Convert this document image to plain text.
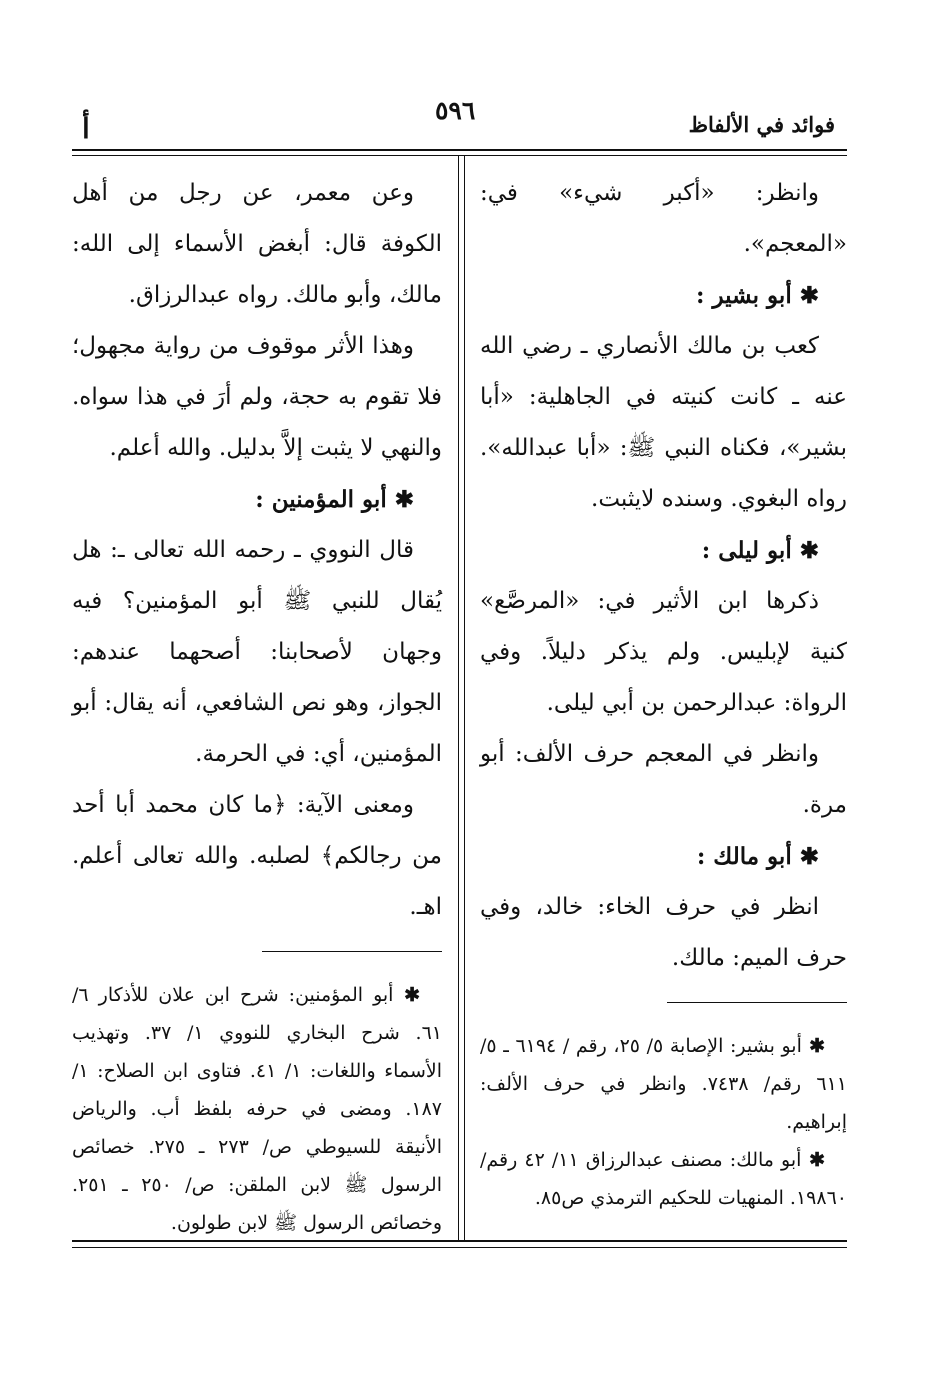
فوائد في الألفاظ
٥٩٦
أ

وانظر: «أكبر شيء» في: «المعجم».

✱ أبو بشير :

كعب بن مالك الأنصاري ـ رضي الله عنه ـ كانت كنيته في الجاهلية: «أبا بشير»، فكناه النبي ﷺ: «أبا عبدالله». رواه البغوي. وسنده لايثبت.

✱ أبو ليلى :

ذكرها ابن الأثير في: «المرصَّع» كنية لإبليس. ولم يذكر دليلاً. وفي الرواة: عبدالرحمن بن أبي ليلى.

وانظر في المعجم حرف الألف: أبو مرة.

✱ أبو مالك :

انظر في حرف الخاء: خالد، وفي حرف الميم: مالك.

✱ أبو بشير: الإصابة ٥/ ٢٥، رقم / ٦١٩٤ ـ ٥/ ٦١١ رقم/ ٧٤٣٨. وانظر في حرف الألف: إبراهيم.

✱ أبو مالك: مصنف عبدالرزاق ١١/ ٤٢ رقم/ ١٩٨٦٠. المنهيات للحكيم الترمذي ص٨٥.

وعن معمر، عن رجل من أهل الكوفة قال: أبغض الأسماء إلى الله: مالك، وأبو مالك. رواه عبدالرزاق.

وهذا الأثر موقوف من رواية مجهول؛ فلا تقوم به حجة، ولم أرَ في هذا سواه. والنهي لا يثبت إلاَّ بدليل. والله أعلم.

✱ أبو المؤمنين :

قال النووي ـ رحمه الله تعالى ـ: هل يُقال للنبي ﷺ أبو المؤمنين؟ فيه وجهان لأصحابنا: أصحهما عندهم: الجواز، وهو نص الشافعي، أنه يقال: أبو المؤمنين، أي: في الحرمة.

ومعنى الآية: ﴿ما كان محمد أبا أحد من رجالكم﴾ لصلبه. والله تعالى أعلم. اهـ.

✱ أبو المؤمنين: شرح ابن علان للأذكار ٦/ ٦١. شرح البخاري للنووي ١/ ٣٧. وتهذيب الأسماء واللغات: ١/ ٤١. فتاوى ابن الصلاح: ١/ ١٨٧. ومضى في حرفه بلفظ أب. والرياض الأنيقة للسيوطي ص/ ٢٧٣ ـ ٢٧٥. خصائص الرسول ﷺ لابن الملقن: ص/ ٢٥٠ ـ ٢٥١. وخصائص الرسول ﷺ لابن طولون.
